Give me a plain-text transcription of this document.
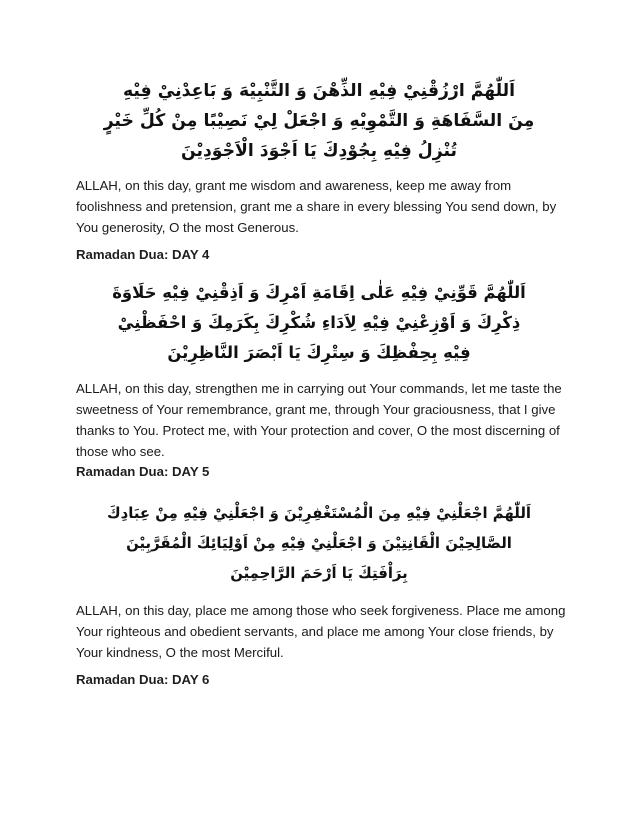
اَللّٰهُمَّ ارْزُقْنِيْ فِيْهِ الذِّهْنَ وَ التَّنْبِيْهَ وَ بَاعِدْنِيْ فِيْهِ
مِنَ السَّفَاهَةِ وَ التَّمْوِيْهِ وَ اجْعَلْ لِيْ نَصِيْبًا مِنْ كُلِّ خَيْرٍ
تُنْزِلُ فِيْهِ بِجُوْدِكَ يَا اَجْوَدَ الْاَجْوَدِيْنَ

ALLAH, on this day, grant me wisdom and awareness, keep me away from foolishness and pretension, grant me a share in every blessing You send down, by You generosity, O the most Generous.

Ramadan Dua: DAY 4

اَللّٰهُمَّ قَوِّنِيْ فِيْهِ عَلٰى اِقَامَةِ اَمْرِكَ وَ اَذِقْنِيْ فِيْهِ حَلَاوَةَ
ذِكْرِكَ وَ اَوْزِعْنِيْ فِيْهِ لِاَدَاءِ شُكْرِكَ بِكَرَمِكَ وَ احْفَظْنِيْ
فِيْهِ بِحِفْظِكَ وَ سِتْرِكَ يَا اَبْصَرَ النَّاظِرِيْنَ

ALLAH, on this day, strengthen me in carrying out Your commands, let me taste the sweetness of Your remembrance, grant me, through Your graciousness, that I give thanks to You. Protect me, with Your protection and cover, O the most discerning of those who see.

Ramadan Dua: DAY 5

اَللّٰهُمَّ اجْعَلْنِيْ فِيْهِ مِنَ الْمُسْتَغْفِرِيْنَ وَ اجْعَلْنِيْ فِيْهِ مِنْ عِبَادِكَ
الصَّالِحِيْنَ الْقَانِتِيْنَ وَ اجْعَلْنِيْ فِيْهِ مِنْ اَوْلِيَائِكَ الْمُقَرَّبِيْنَ
بِرَاْفَتِكَ يَا اَرْحَمَ الرَّاحِمِيْنَ

ALLAH, on this day, place me among those who seek forgiveness. Place me among Your righteous and obedient servants, and place me among Your close friends, by Your kindness, O the most Merciful.

Ramadan Dua: DAY 6
